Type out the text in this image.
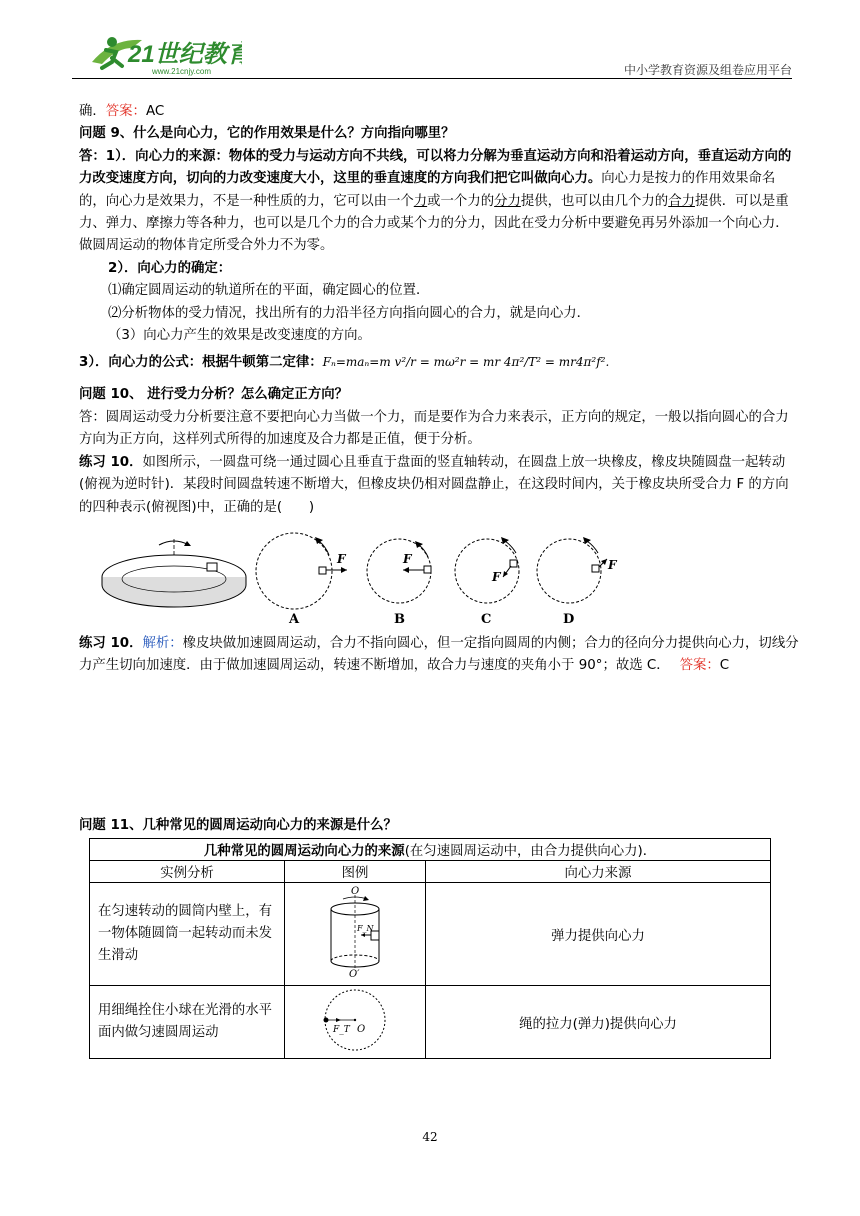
21世纪教育
www.21cnjy.com	中小学教育资源及组卷应用平台

确．答案：AC

问题 9、什么是向心力，它的作用效果是什么？方向指向哪里？

答：1）．向心力的来源：物体的受力与运动方向不共线，可以将力分解为垂直运动方向和沿着运动方向，垂直运动方向的力改变速度方向，切向的力改变速度大小，这里的垂直速度的方向我们把它叫做向心力。向心力是按力的作用效果命名的，向心力是效果力，不是一种性质的力，它可以由一个力或一个力的分力提供，也可以由几个力的合力提供．可以是重力、弹力、摩擦力等各种力，也可以是几个力的合力或某个力的分力，因此在受力分析中要避免再另外添加一个向心力．做圆周运动的物体肯定所受合外力不为零。

2）．向心力的确定：

⑴确定圆周运动的轨道所在的平面，确定圆心的位置．

⑵分析物体的受力情况，找出所有的力沿半径方向指向圆心的合力，就是向心力．

（3）向心力产生的效果是改变速度的方向。

3）．向心力的公式：根据牛顿第二定律：Fₙ=maₙ=m v²/r = mω²r = mr 4π²/T² = mr4π²f².

问题 10、 进行受力分析？怎么确定正方向？

答：圆周运动受力分析要注意不要把向心力当做一个力，而是要作为合力来表示，正方向的规定，一般以指向圆心的合力方向为正方向，这样列式所得的加速度及合力都是正值，便于分析。

练习 10．如图所示，一圆盘可绕一通过圆心且垂直于盘面的竖直轴转动，在圆盘上放一块橡皮，橡皮块随圆盘一起转动(俯视为逆时针)．某段时间圆盘转速不断增大，但橡皮块仍相对圆盘静止，在这段时间内，关于橡皮块所受合力 F 的方向的四种表示(俯视图)中，正确的是(　　)

F
A
F
B
F
C
F
D

练习 10．解析：橡皮块做加速圆周运动，合力不指向圆心，但一定指向圆周的内侧；合力的径向分力提供向心力，切线分力产生切向加速度．由于做加速圆周运动，转速不断增加，故合力与速度的夹角小于 90°；故选 C． 答案：C

问题 11、几种常见的圆周运动向心力的来源是什么？

几种常见的圆周运动向心力的来源(在匀速圆周运动中，由合力提供向心力)．		
实例分析	图例	向心力来源
在匀速转动的圆筒内壁上，有一物体随圆筒一起转动而未发生滑动	O
F_N
O′	弹力提供向心力
用细绳拴住小球在光滑的水平面内做匀速圆周运动	F_T O	绳的拉力(弹力)提供向心力
42
